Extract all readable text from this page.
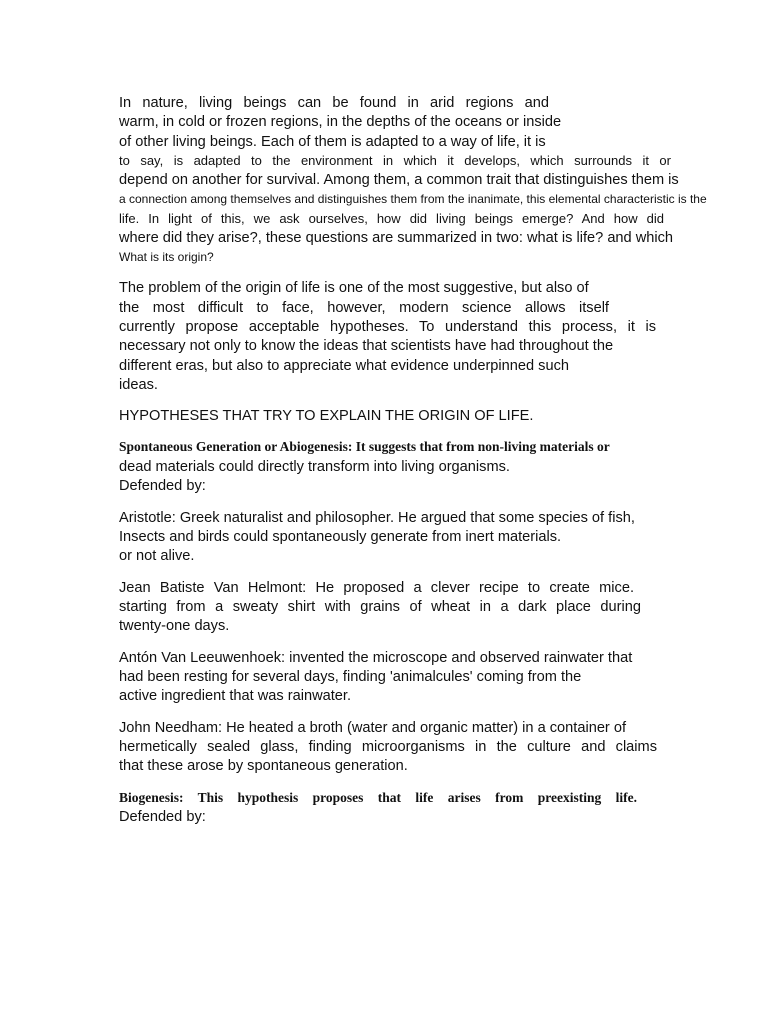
In nature, living beings can be found in arid regions and
warm, in cold or frozen regions, in the depths of the oceans or inside
of other living beings. Each of them is adapted to a way of life, it is
to say, is adapted to the environment in which it develops, which surrounds it or
depend on another for survival. Among them, a common trait that distinguishes them is
a connection among themselves and distinguishes them from the inanimate, this elemental characteristic is the
life. In light of this, we ask ourselves, how did living beings emerge? And how did
where did they arise?, these questions are summarized in two: what is life? and which
What is its origin?
The problem of the origin of life is one of the most suggestive, but also of
the most difficult to face, however, modern science allows itself
currently propose acceptable hypotheses. To understand this process, it is
necessary not only to know the ideas that scientists have had throughout the
different eras, but also to appreciate what evidence underpinned such
ideas.
HYPOTHESES THAT TRY TO EXPLAIN THE ORIGIN OF LIFE.
Spontaneous Generation or Abiogenesis: It suggests that from non-living materials or
dead materials could directly transform into living organisms.
Defended by:
Aristotle: Greek naturalist and philosopher. He argued that some species of fish,
Insects and birds could spontaneously generate from inert materials.
or not alive.
Jean Batiste Van Helmont: He proposed a clever recipe to create mice.
starting from a sweaty shirt with grains of wheat in a dark place during
twenty-one days.
Antón Van Leeuwenhoek: invented the microscope and observed rainwater that
had been resting for several days, finding 'animalcules' coming from the
active ingredient that was rainwater.
John Needham: He heated a broth (water and organic matter) in a container of
hermetically sealed glass, finding microorganisms in the culture and claims
that these arose by spontaneous generation.
Biogenesis: This hypothesis proposes that life arises from preexisting life.
Defended by:
